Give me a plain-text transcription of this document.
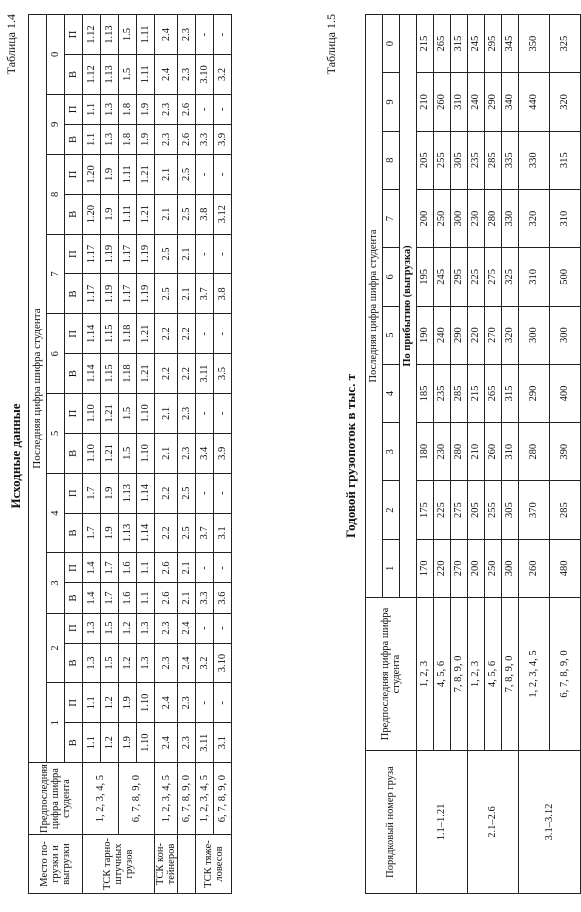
Таблица 1.4
Исходные данные
Место по-грузки и выгрузки	Предпоследняя цифра шифра студента	Последняя цифра шифра студента																			
		1		2		3		4		5		6		7		8		9		0	
		В	П	В	П	В	П	В	П	В	П	В	П	В	П	В	П	В	П	В	П
ТСК тарно-штучных грузов	1, 2, 3, 4, 5	1.1	1.1	1.3	1.3	1.4	1.4	1.7	1.7	1.10	1.10	1.14	1.14	1.17	1.17	1.20	1.20	1.1	1.1	1.12	1.12
		1.2	1.2	1.5	1.5	1.7	1.7	1.9	1.9	1.21	1.21	1.15	1.15	1.19	1.19	1.9	1.9	1.3	1.3	1.13	1.13
	6, 7, 8, 9, 0	1.9	1.9	1.2	1.2	1.6	1.6	1.13	1.13	1.5	1.5	1.18	1.18	1.17	1.17	1.11	1.11	1.8	1.8	1.5	1.5
		1.10	1.10	1.3	1.3	1.1	1.1	1.14	1.14	1.10	1.10	1.21	1.21	1.19	1.19	1.21	1.21	1.9	1.9	1.11	1.11
ТСК кон-тейнеров	1, 2, 3, 4, 5	2.4	2.4	2.3	2.3	2.6	2.6	2.2	2.2	2.1	2.1	2.2	2.2	2.5	2.5	2.1	2.1	2.3	2.3	2.4	2.4
	6, 7, 8, 9, 0	2.3	2.3	2.4	2.4	2.1	2.1	2.5	2.5	2.3	2.3	2.2	2.2	2.1	2.1	2.5	2.5	2.6	2.6	2.3	2.3
ТСК тяже-ловесов	1, 2, 3, 4, 5	3.11	-	3.2	-	3.3	-	3.7	-	3.4	-	3.11	-	3.7	-	3.8	-	3.3	-	3.10	-
	6, 7, 8, 9, 0	3.1	-	3.10	-	3.6	-	3.1	-	3.9	-	3.5	-	3.8	-	3.12	-	3.9	-	3.2	-	Таблица 1.5
Годовой грузопоток в тыс. т
Порядковый номер груза	Предпоследняя цифра шифра студента	Последняя цифра шифра студента									
		1	2	3	4	5	6	7	8	9	0
		По прибытию (выгрузка)									
1.1–1.21	1, 2, 3	170	175	180	185	190	195	200	205	210	215
	4, 5, 6	220	225	230	235	240	245	250	255	260	265
	7, 8, 9, 0	270	275	280	285	290	295	300	305	310	315
2.1–2.6	1, 2, 3	200	205	210	215	220	225	230	235	240	245
	4, 5, 6	250	255	260	265	270	275	280	285	290	295
	7, 8, 9, 0	300	305	310	315	320	325	330	335	340	345
3.1–3.12	1, 2, 3, 4, 5	260	370	280	290	300	310	320	330	440	350
	6, 7, 8, 9, 0	480	285	390	400	300	500	310	315	320	325
